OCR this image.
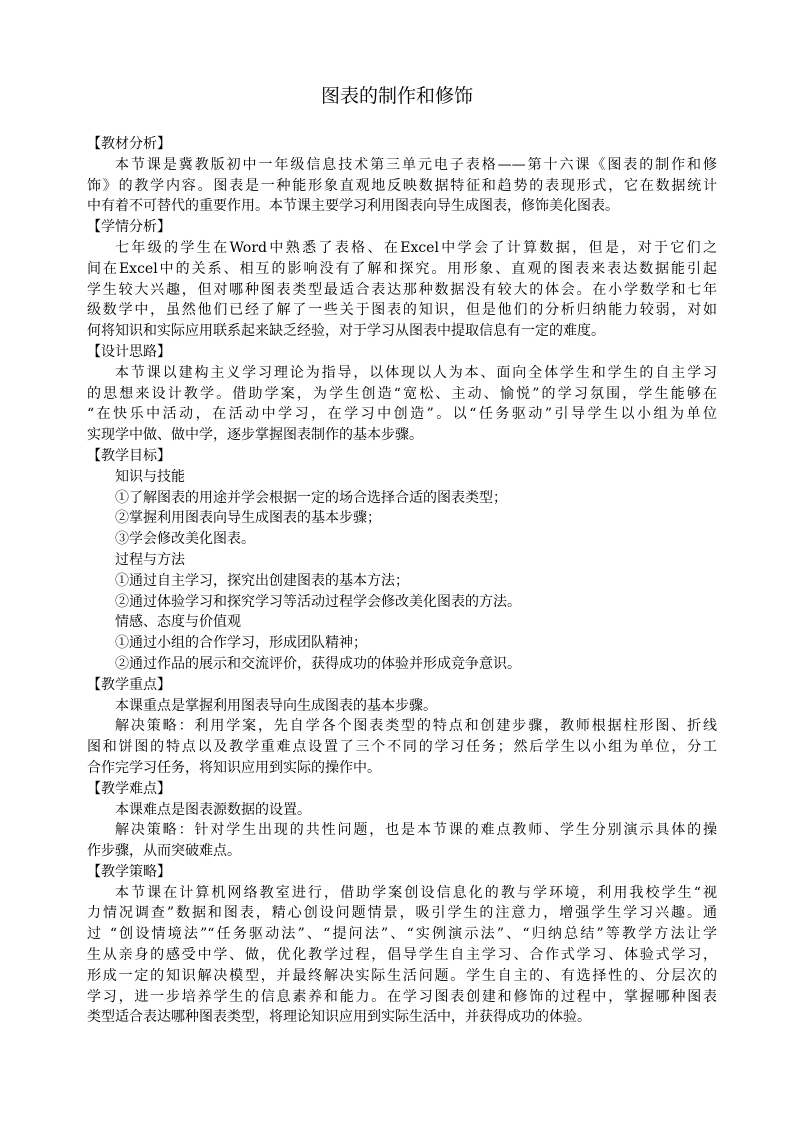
图表的制作和修饰
【教材分析】
本节课是冀教版初中一年级信息技术第三单元电子表格——第十六课《图表的制作和修
饰》的教学内容。图表是一种能形象直观地反映数据特征和趋势的表现形式，它在数据统计
中有着不可替代的重要作用。本节课主要学习利用图表向导生成图表，修饰美化图表。
【学情分析】
七年级的学生在Word中熟悉了表格、在Excel中学会了计算数据，但是，对于它们之
间在Excel中的关系、相互的影响没有了解和探究。用形象、直观的图表来表达数据能引起
学生较大兴趣，但对哪种图表类型最适合表达那种数据没有较大的体会。在小学数学和七年
级数学中，虽然他们已经了解了一些关于图表的知识，但是他们的分析归纳能力较弱，对如
何将知识和实际应用联系起来缺乏经验，对于学习从图表中提取信息有一定的难度。
【设计思路】
本节课以建构主义学习理论为指导，以体现以人为本、面向全体学生和学生的自主学习
的思想来设计教学。借助学案，为学生创造“宽松、主动、愉悦”的学习氛围，学生能够在
“在快乐中活动，在活动中学习，在学习中创造”。以“任务驱动”引导学生以小组为单位
实现学中做、做中学，逐步掌握图表制作的基本步骤。
【教学目标】
知识与技能
①了解图表的用途并学会根据一定的场合选择合适的图表类型；
②掌握利用图表向导生成图表的基本步骤；
③学会修改美化图表。
过程与方法
①通过自主学习，探究出创建图表的基本方法；
②通过体验学习和探究学习等活动过程学会修改美化图表的方法。
情感、态度与价值观
①通过小组的合作学习，形成团队精神；
②通过作品的展示和交流评价，获得成功的体验并形成竞争意识。
【教学重点】
本课重点是掌握利用图表导向生成图表的基本步骤。
解决策略：利用学案，先自学各个图表类型的特点和创建步骤，教师根据柱形图、折线
图和饼图的特点以及教学重难点设置了三个不同的学习任务；然后学生以小组为单位，分工
合作完学习任务，将知识应用到实际的操作中。
【教学难点】
本课难点是图表源数据的设置。
解决策略：针对学生出现的共性问题，也是本节课的难点教师、学生分别演示具体的操
作步骤，从而突破难点。
【教学策略】
本节课在计算机网络教室进行，借助学案创设信息化的教与学环境，利用我校学生“视
力情况调查”数据和图表，精心创设问题情景，吸引学生的注意力，增强学生学习兴趣。通
过 “创设情境法”“任务驱动法”、“提问法”、“实例演示法”、“归纳总结”等教学方法让学
生从亲身的感受中学、做，优化教学过程，倡导学生自主学习、合作式学习、体验式学习，
形成一定的知识解决模型，并最终解决实际生活问题。学生自主的、有选择性的、分层次的
学习，进一步培养学生的信息素养和能力。在学习图表创建和修饰的过程中，掌握哪种图表
类型适合表达哪种图表类型，将理论知识应用到实际生活中，并获得成功的体验。
